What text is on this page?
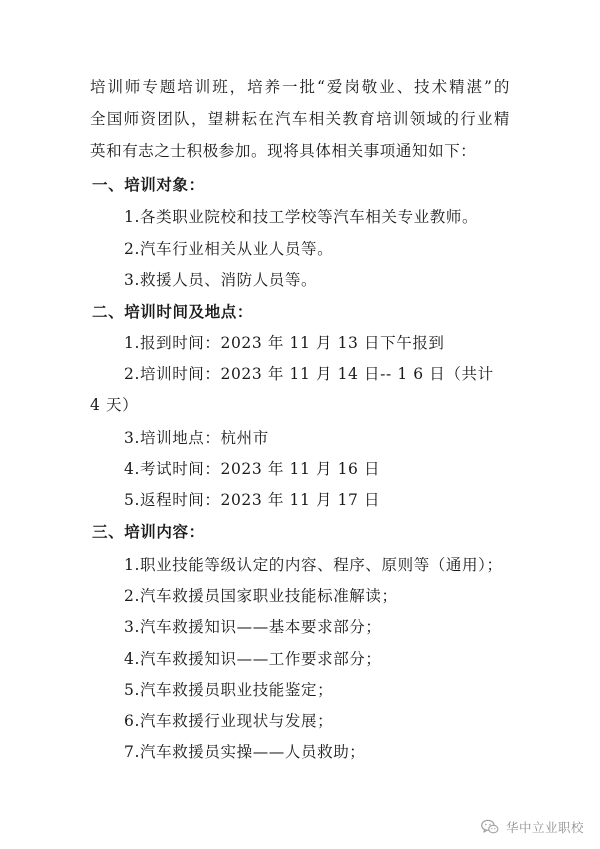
培训师专题培训班，培养一批“爱岗敬业、技术精湛”的
全国师资团队，望耕耘在汽车相关教育培训领域的行业精
英和有志之士积极参加。现将具体相关事项通知如下：
一、培训对象：
1.各类职业院校和技工学校等汽车相关专业教师。
2.汽车行业相关从业人员等。
3.救援人员、消防人员等。
二、培训时间及地点：
1.报到时间：2023 年 11 月 13 日下午报到
2.培训时间：2023 年 11 月 14 日-- 1 6 日（共计
4 天）
3.培训地点：杭州市
4.考试时间：2023 年 11 月 16 日
5.返程时间：2023 年 11 月 17 日
三、培训内容：
1.职业技能等级认定的内容、程序、原则等（通用）；
2.汽车救援员国家职业技能标准解读；
3.汽车救援知识——基本要求部分；
4.汽车救援知识——工作要求部分；
5.汽车救援员职业技能鉴定；
6.汽车救援行业现状与发展；
7.汽车救援员实操——人员救助；
华中立业职校
